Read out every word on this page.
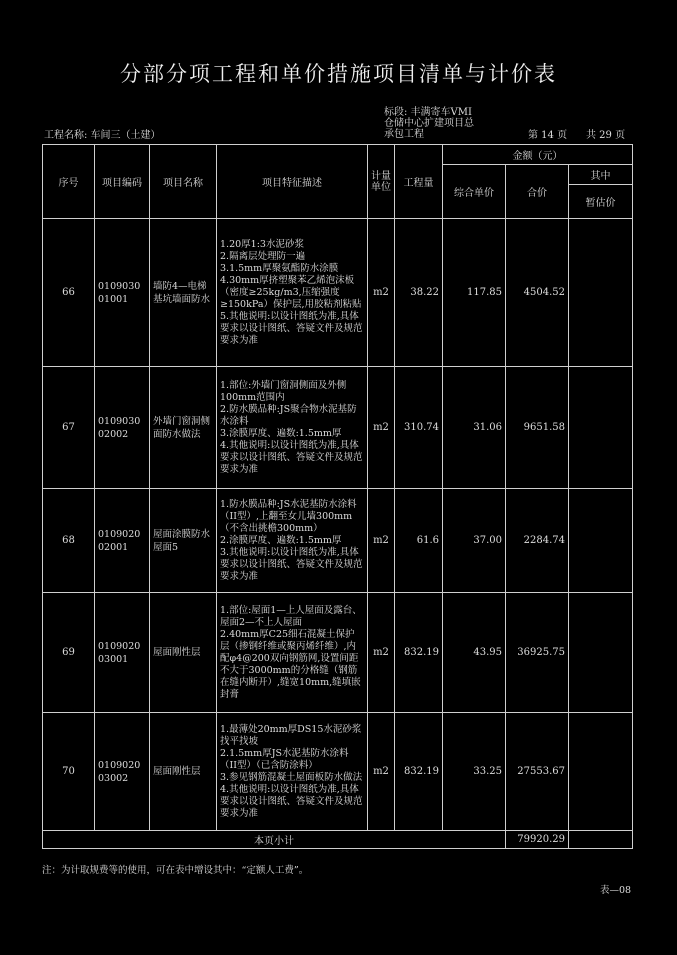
分部分项工程和单价措施项目清单与计价表
工程名称: 车间三（土建）
标段: 丰满寄车VMI
仓储中心扩建项目总
承包工程	第 14 页 共 29 页
序号	项目编码	项目名称	项目特征描述	计量单位	工程量	金额（元）		
						综合单价	合价	其中
								暂估价
66	010903001001	墙防4—电梯基坑墙面防水	1.20厚1:3水泥砂浆
2.隔离层处理防一遍
3.1.5mm厚聚氨酯防水涂膜
4.30mm厚挤塑聚苯乙烯泡沫板（密度≥25kg/m3,压缩强度≥150kPa）保护层,用胶粘剂粘贴
5.其他说明:以设计图纸为准,具体要求以设计图纸、答疑文件及规范要求为准	m2	38.22	117.85	4504.52	
67	010903002002	外墙门窗洞侧面防水做法	1.部位:外墙门窗洞侧面及外侧100mm范围内
2.防水膜品种:JS聚合物水泥基防水涂料
3.涂膜厚度、遍数:1.5mm厚
4.其他说明:以设计图纸为准,具体要求以设计图纸、答疑文件及规范要求为准	m2	310.74	31.06	9651.58	
68	010902002001	屋面涂膜防水屋面5	1.防水膜品种:JS水泥基防水涂料（II型）,上翻至女儿墙300mm（不含出挑檐300mm）
2.涂膜厚度、遍数:1.5mm厚
3.其他说明:以设计图纸为准,具体要求以设计图纸、答疑文件及规范要求为准	m2	61.6	37.00	2284.74	
69	010902003001	屋面刚性层	1.部位:屋面1—上人屋面及露台、屋面2—不上人屋面
2.40mm厚C25细石混凝土保护层（掺钢纤维或聚丙烯纤维）,内配φ4@200双向钢筋网,设置间距不大于3000mm的分格缝（钢筋在缝内断开）,缝宽10mm,缝填嵌封膏	m2	832.19	43.95	36925.75	
70	010902003002	屋面刚性层	1.最薄处20mm厚DS15水泥砂浆找平找坡
2.1.5mm厚JS水泥基防水涂料（II型）（已含防涂料）
3.参见钢筋混凝土屋面板防水做法
4.其他说明:以设计图纸为准,具体要求以设计图纸、答疑文件及规范要求为准	m2	832.19	33.25	27553.67	
本页小计							79920.29	
注：为计取规费等的使用，可在表中增设其中：“定额人工费”。
表—08
